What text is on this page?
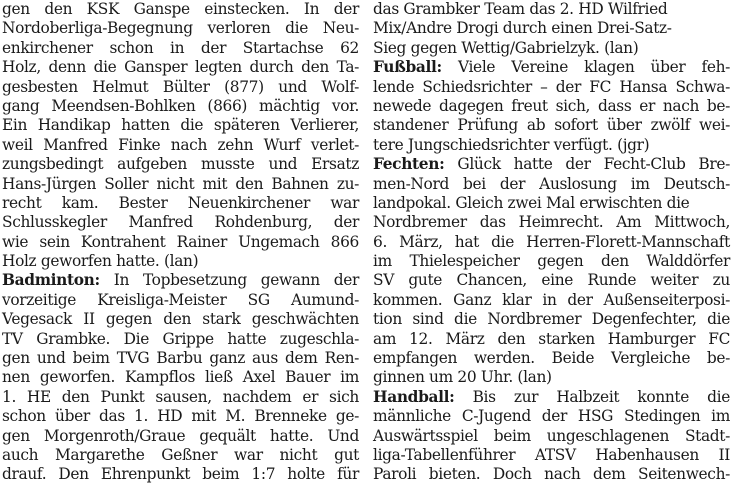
gen den KSK Ganspe einstecken. In der
Nordoberliga-Begegnung verloren die Neu-
enkirchener schon in der Startachse 62
Holz, denn die Gansper legten durch den Ta-
gesbesten Helmut Bülter (877) und Wolf-
gang Meendsen-Bohlken (866) mächtig vor.
Ein Handikap hatten die späteren Verlierer,
weil Manfred Finke nach zehn Wurf verlet-
zungsbedingt aufgeben musste und Ersatz
Hans-Jürgen Soller nicht mit den Bahnen zu-
recht kam. Bester Neuenkirchener war
Schlusskegler Manfred Rohdenburg, der
wie sein Kontrahent Rainer Ungemach 866
Holz geworfen hatte. (lan)
Badminton: In Topbesetzung gewann der
vorzeitige Kreisliga-Meister SG Aumund-
Vegesack II gegen den stark geschwächten
TV Grambke. Die Grippe hatte zugeschla-
gen und beim TVG Barbu ganz aus dem Ren-
nen geworfen. Kampflos ließ Axel Bauer im
1. HE den Punkt sausen, nachdem er sich
schon über das 1. HD mit M. Brenneke ge-
gen Morgenroth/Graue gequält hatte. Und
auch Margarethe Geßner war nicht gut
drauf. Den Ehrenpunkt beim 1:7 holte für
das Grambker Team das 2. HD Wilfried
Mix/Andre Drogi durch einen Drei-Satz-
Sieg gegen Wettig/Gabrielzyk. (lan)
Fußball: Viele Vereine klagen über feh-
lende Schiedsrichter – der FC Hansa Schwa-
newede dagegen freut sich, dass er nach be-
standener Prüfung ab sofort über zwölf wei-
tere Jungschiedsrichter verfügt. (jgr)
Fechten: Glück hatte der Fecht-Club Bre-
men-Nord bei der Auslosung im Deutsch-
landpokal. Gleich zwei Mal erwischten die
Nordbremer das Heimrecht. Am Mittwoch,
6. März, hat die Herren-Florett-Mannschaft
im Thielespeicher gegen den Walddörfer
SV gute Chancen, eine Runde weiter zu
kommen. Ganz klar in der Außenseiterposi-
tion sind die Nordbremer Degenfechter, die
am 12. März den starken Hamburger FC
empfangen werden. Beide Vergleiche be-
ginnen um 20 Uhr. (lan)
Handball: Bis zur Halbzeit konnte die
männliche C-Jugend der HSG Stedingen im
Auswärtsspiel beim ungeschlagenen Stadt-
liga-Tabellenführer ATSV Habenhausen II
Paroli bieten. Doch nach dem Seitenwech-
